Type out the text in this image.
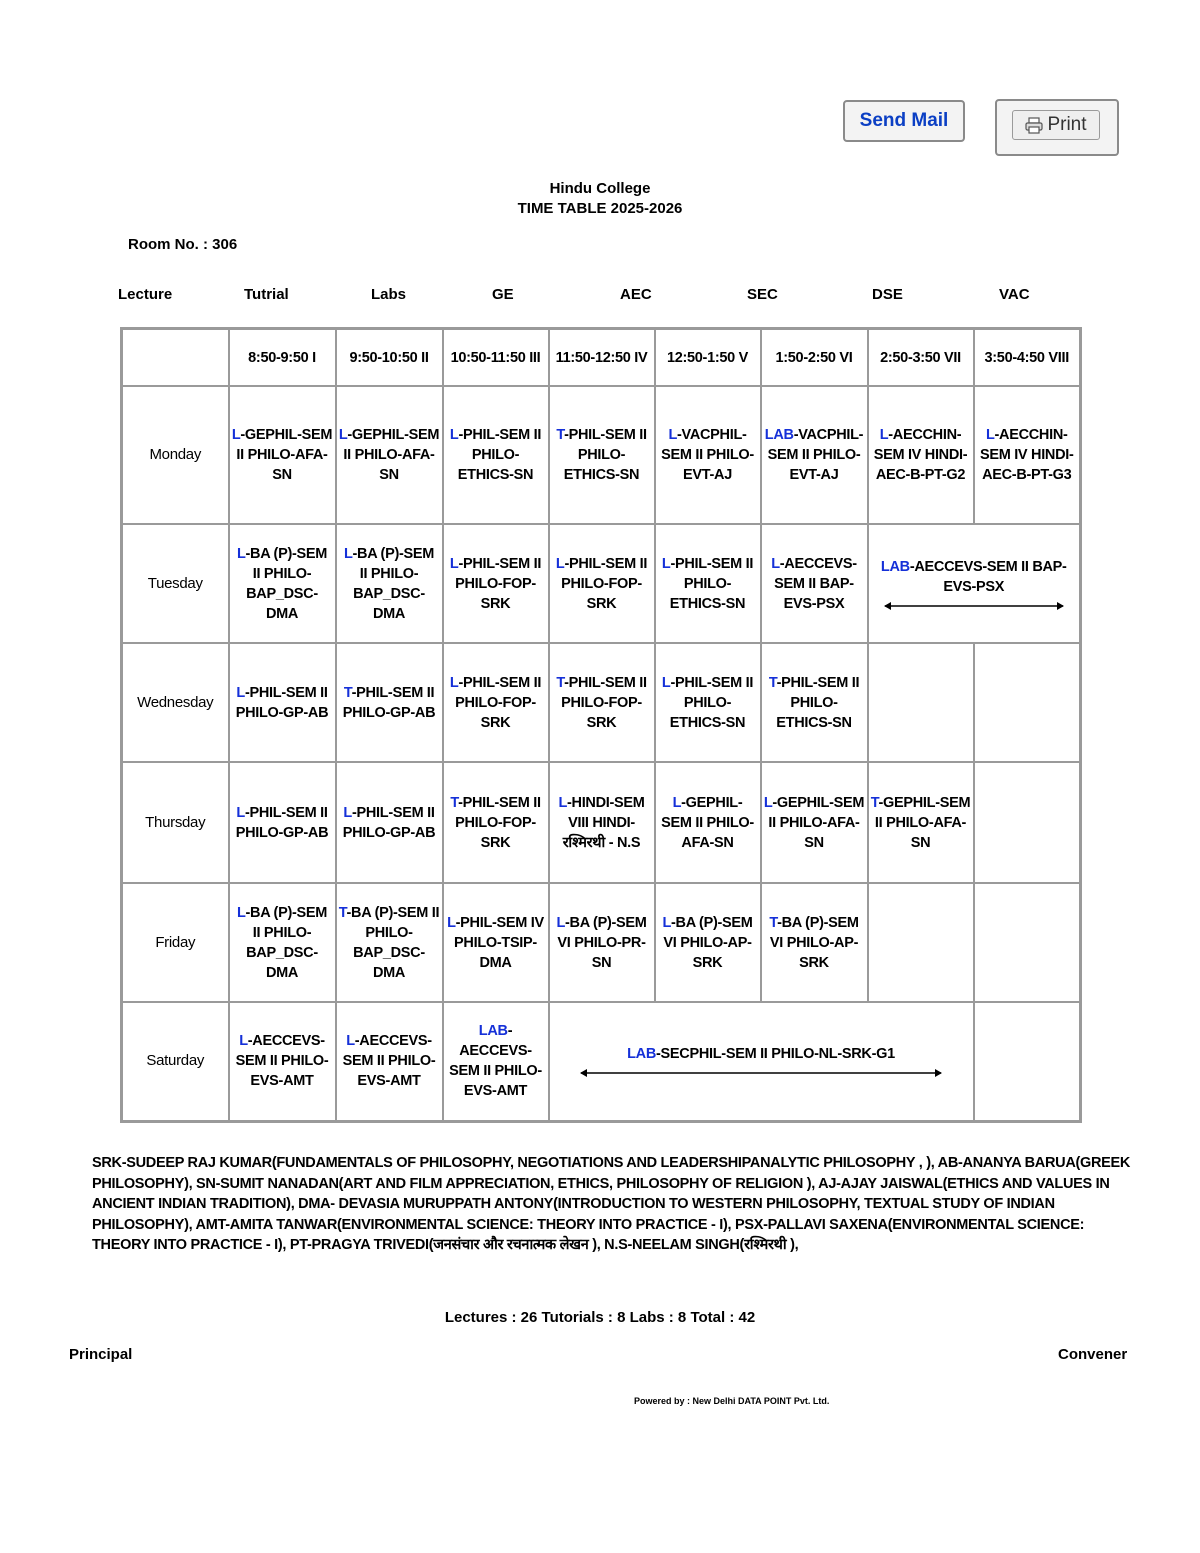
Send Mail	Print
Hindu College
TIME TABLE 2025-2026
Room No. : 306
Lecture	Tutrial	Labs	GE	AEC	SEC	DSE	VAC
	8:50-9:50 I	9:50-10:50 II	10:50-11:50 III	11:50-12:50 IV	12:50-1:50 V	1:50-2:50 VI	2:50-3:50 VII	3:50-4:50 VIII
Monday	L-GEPHIL-SEM II PHILO-AFA-SN	L-GEPHIL-SEM II PHILO-AFA-SN	L-PHIL-SEM II PHILO-ETHICS-SN	T-PHIL-SEM II PHILO-ETHICS-SN	L-VACPHIL-SEM II PHILO-EVT-AJ	LAB-VACPHIL-SEM II PHILO-EVT-AJ	L-AECCHIN-SEM IV HINDI-AEC-B-PT-G2	L-AECCHIN-SEM IV HINDI-AEC-B-PT-G3
Tuesday	L-BA (P)-SEM II PHILO-BAP_DSC-DMA	L-BA (P)-SEM II PHILO-BAP_DSC-DMA	L-PHIL-SEM II PHILO-FOP-SRK	L-PHIL-SEM II PHILO-FOP-SRK	L-PHIL-SEM II PHILO-ETHICS-SN	L-AECCEVS-SEM II BAP-EVS-PSX	LAB-AECCEVS-SEM II BAP-EVS-PSX	

Wednesday	L-PHIL-SEM II PHILO-GP-AB	T-PHIL-SEM II PHILO-GP-AB	L-PHIL-SEM II PHILO-FOP-SRK	T-PHIL-SEM II PHILO-FOP-SRK	L-PHIL-SEM II PHILO-ETHICS-SN	T-PHIL-SEM II PHILO-ETHICS-SN		
Thursday	L-PHIL-SEM II PHILO-GP-AB	L-PHIL-SEM II PHILO-GP-AB	T-PHIL-SEM II PHILO-FOP-SRK	L-HINDI-SEM VIII HINDI-रश्मिरथी - N.S	L-GEPHIL-SEM II PHILO-AFA-SN	L-GEPHIL-SEM II PHILO-AFA-SN	T-GEPHIL-SEM II PHILO-AFA-SN	
Friday	L-BA (P)-SEM II PHILO-BAP_DSC-DMA	T-BA (P)-SEM II PHILO-BAP_DSC-DMA	L-PHIL-SEM IV PHILO-TSIP-DMA	L-BA (P)-SEM VI PHILO-PR-SN	L-BA (P)-SEM VI PHILO-AP-SRK	T-BA (P)-SEM VI PHILO-AP-SRK		
Saturday	L-AECCEVS-SEM II PHILO-EVS-AMT	L-AECCEVS-SEM II PHILO-EVS-AMT	LAB-AECCEVS-SEM II PHILO-EVS-AMT	LAB-SECPHIL-SEM II PHILO-NL-SRK-G1			

SRK-SUDEEP RAJ KUMAR(FUNDAMENTALS OF PHILOSOPHY, NEGOTIATIONS AND LEADERSHIPANALYTIC PHILOSOPHY , ), AB-ANANYA BARUA(GREEK PHILOSOPHY), SN-SUMIT NANADAN(ART AND FILM APPRECIATION, ETHICS, PHILOSOPHY OF RELIGION ), AJ-AJAY JAISWAL(ETHICS AND VALUES IN ANCIENT INDIAN TRADITION), DMA- DEVASIA MURUPPATH ANTONY(INTRODUCTION TO WESTERN PHILOSOPHY, TEXTUAL STUDY OF INDIAN PHILOSOPHY), AMT-AMITA TANWAR(ENVIRONMENTAL SCIENCE: THEORY INTO PRACTICE - I), PSX-PALLAVI SAXENA(ENVIRONMENTAL SCIENCE: THEORY INTO PRACTICE - I), PT-PRAGYA TRIVEDI(जनसंचार और रचनात्मक लेखन ), N.S-NEELAM SINGH(रश्मिरथी ),
Lectures : 26 Tutorials : 8 Labs : 8 Total : 42
Principal	Convener
Powered by : New Delhi DATA POINT Pvt. Ltd.
